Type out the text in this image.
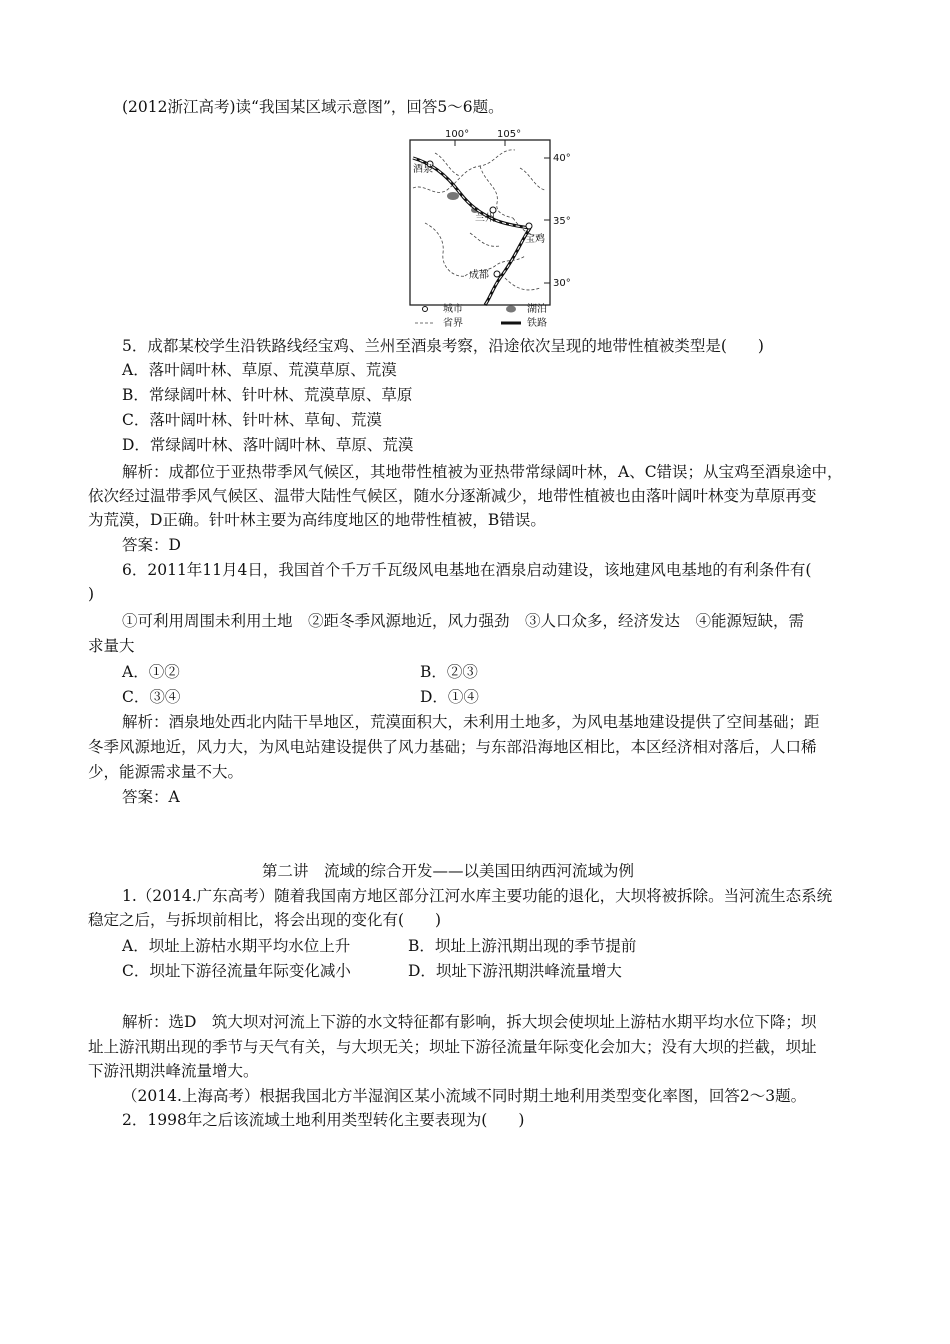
(2012浙江高考)读“我国某区域示意图”，回答5～6题。
100°	105°
40°
35°
30°
酒泉
兰州
宝鸡
成都
城市	湖泊
省界	铁路
5．成都某校学生沿铁路线经宝鸡、兰州至酒泉考察，沿途依次呈现的地带性植被类型是(　　)
A．落叶阔叶林、草原、荒漠草原、荒漠
B．常绿阔叶林、针叶林、荒漠草原、草原
C．落叶阔叶林、针叶林、草甸、荒漠
D．常绿阔叶林、落叶阔叶林、草原、荒漠
解析：成都位于亚热带季风气候区，其地带性植被为亚热带常绿阔叶林，A、C错误；从宝鸡至酒泉途中，
依次经过温带季风气候区、温带大陆性气候区，随水分逐渐减少，地带性植被也由落叶阔叶林变为草原再变
为荒漠，D正确。针叶林主要为高纬度地区的地带性植被，B错误。
答案：D
6．2011年11月4日，我国首个千万千瓦级风电基地在酒泉启动建设，该地建风电基地的有利条件有(
)
①可利用周围未利用土地　②距冬季风源地近，风力强劲　③人口众多，经济发达　④能源短缺，需
求量大
A．①②	B．②③
C．③④	D．①④
解析：酒泉地处西北内陆干旱地区，荒漠面积大，未利用土地多，为风电基地建设提供了空间基础；距
冬季风源地近，风力大，为风电站建设提供了风力基础；与东部沿海地区相比，本区经济相对落后，人口稀
少，能源需求量不大。
答案：A
第二讲　流域的综合开发——以美国田纳西河流域为例
1.（2014.广东高考）随着我国南方地区部分江河水库主要功能的退化，大坝将被拆除。当河流生态系统
稳定之后，与拆坝前相比，将会出现的变化有(　　)
A．坝址上游枯水期平均水位上升	B．坝址上游汛期出现的季节提前
C．坝址下游径流量年际变化减小	D．坝址下游汛期洪峰流量增大
解析：选D　筑大坝对河流上下游的水文特征都有影响，拆大坝会使坝址上游枯水期平均水位下降；坝
址上游汛期出现的季节与天气有关，与大坝无关；坝址下游径流量年际变化会加大；没有大坝的拦截，坝址
下游汛期洪峰流量增大。
（2014.上海高考）根据我国北方半湿润区某小流域不同时期土地利用类型变化率图，回答2～3题。
2．1998年之后该流域土地利用类型转化主要表现为(　　)
